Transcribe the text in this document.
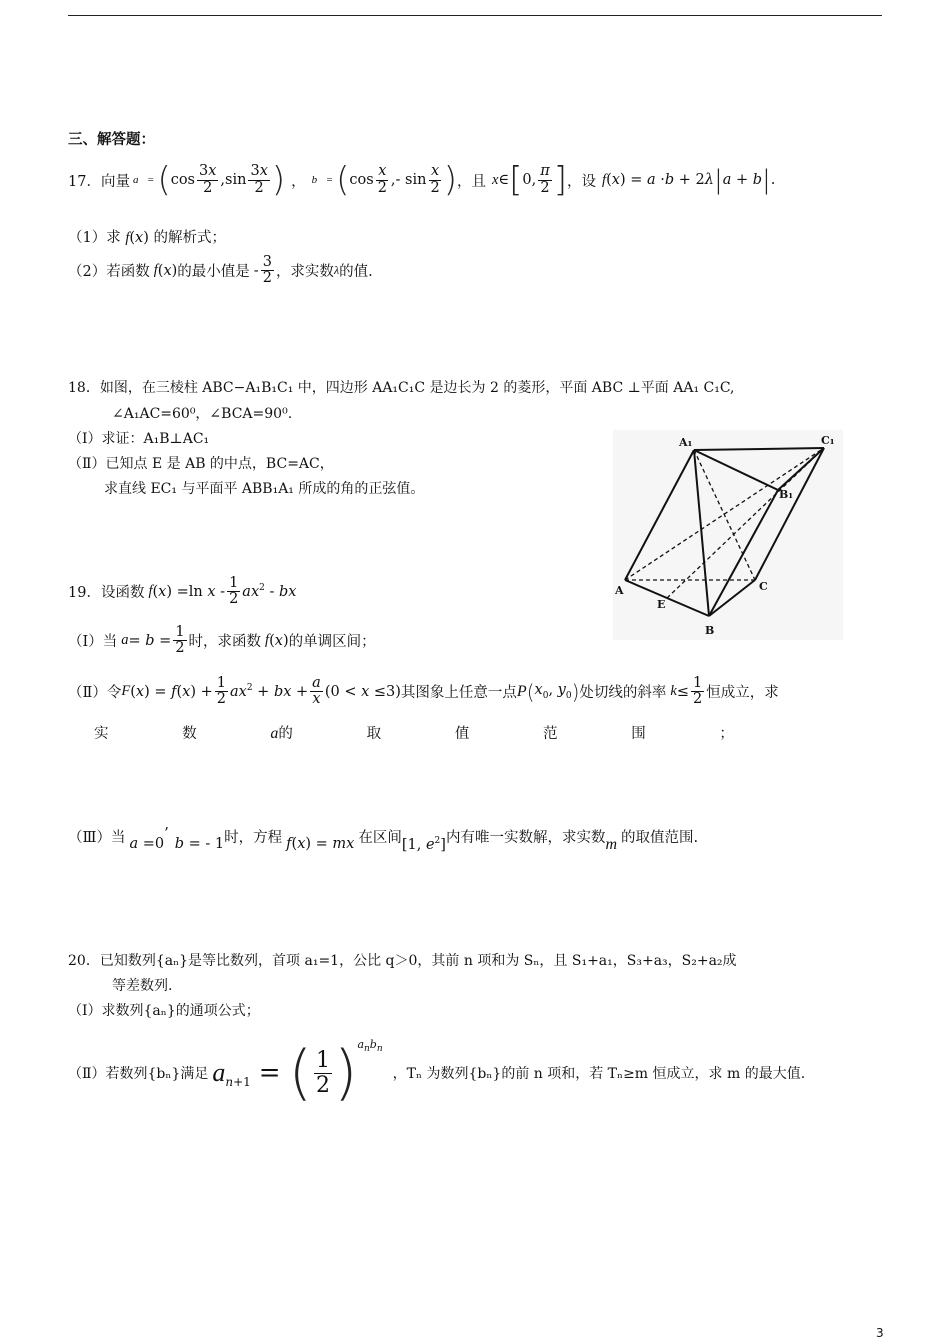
三、解答题：
17． 向量 a⃗= ( $\cos \frac{3x}{2} ,\sin \frac{3x}{2}$ ) ， b⃗= ( $\cos \frac{x}{2}$ ,- $\sin \frac{x}{2}$ ) ，且 x ∈ [ 0, $\frac{\pi}{2}$ ] ，设 f (x) = a ·b + 2λ | a + b | .
（1）求 f(x) 的解析式；
（2）若函数 f (x) 的最小值是 - $\frac{3}{2}$ ，求实数 λ 的值.
18．如图，在三棱柱 ABC−A₁B₁C₁ 中，四边形 AA₁C₁C 是边长为 2 的菱形，平面 ABC ⊥平面 AA₁ C₁C,
∠A₁AC=60⁰，∠BCA=90⁰.
（Ⅰ）求证：A₁B⊥AC₁
（Ⅱ）已知点 E 是 AB 的中点，BC=AC，
求直线 EC₁ 与平面平 ABB₁A₁ 所成的角的正弦值。
A₁	C₁
B₁
A
E
C
B
19．设函数 f (x) =ln x - $\frac{1}{2} ax^2$ - bx
（Ⅰ）当 $a = b = \frac{1}{2}$ 时，求函数 f (x) 的单调区间；
（Ⅱ）令 F $(x) = f(x) + \frac{1}{2} ax^2$ + bx + $\frac{a}{x} (0 < x \le 3)$ 其图象上任意一点 P ( $x_0$, $y_0$ ) 处切线的斜率 $k \le \frac{1}{2}$ 恒成立，求
实	数	a的	取	值	范	围	；
（Ⅲ）当 a =0
’
b = - 1 时，方程 f(x) = mx 在区间 [1, $e^2$] 内有唯一实数解，求实数 m 的取值范围.
20．已知数列{aₙ}是等比数列，首项 a₁=1，公比 q＞0，其前 n 项和为 Sₙ，且 S₁+a₁，S₃+a₃，S₂+a₂成
等差数列.
（Ⅰ）求数列{aₙ}的通项公式；
（Ⅱ）若数列{bₙ}满足 a $_{n+1}$ = ( $\frac{1}{2}$ ) $a_nb_n$
，Tₙ 为数列{bₙ}的前 n 项和，若 Tₙ≥m 恒成立，求 m 的最大值.
3
